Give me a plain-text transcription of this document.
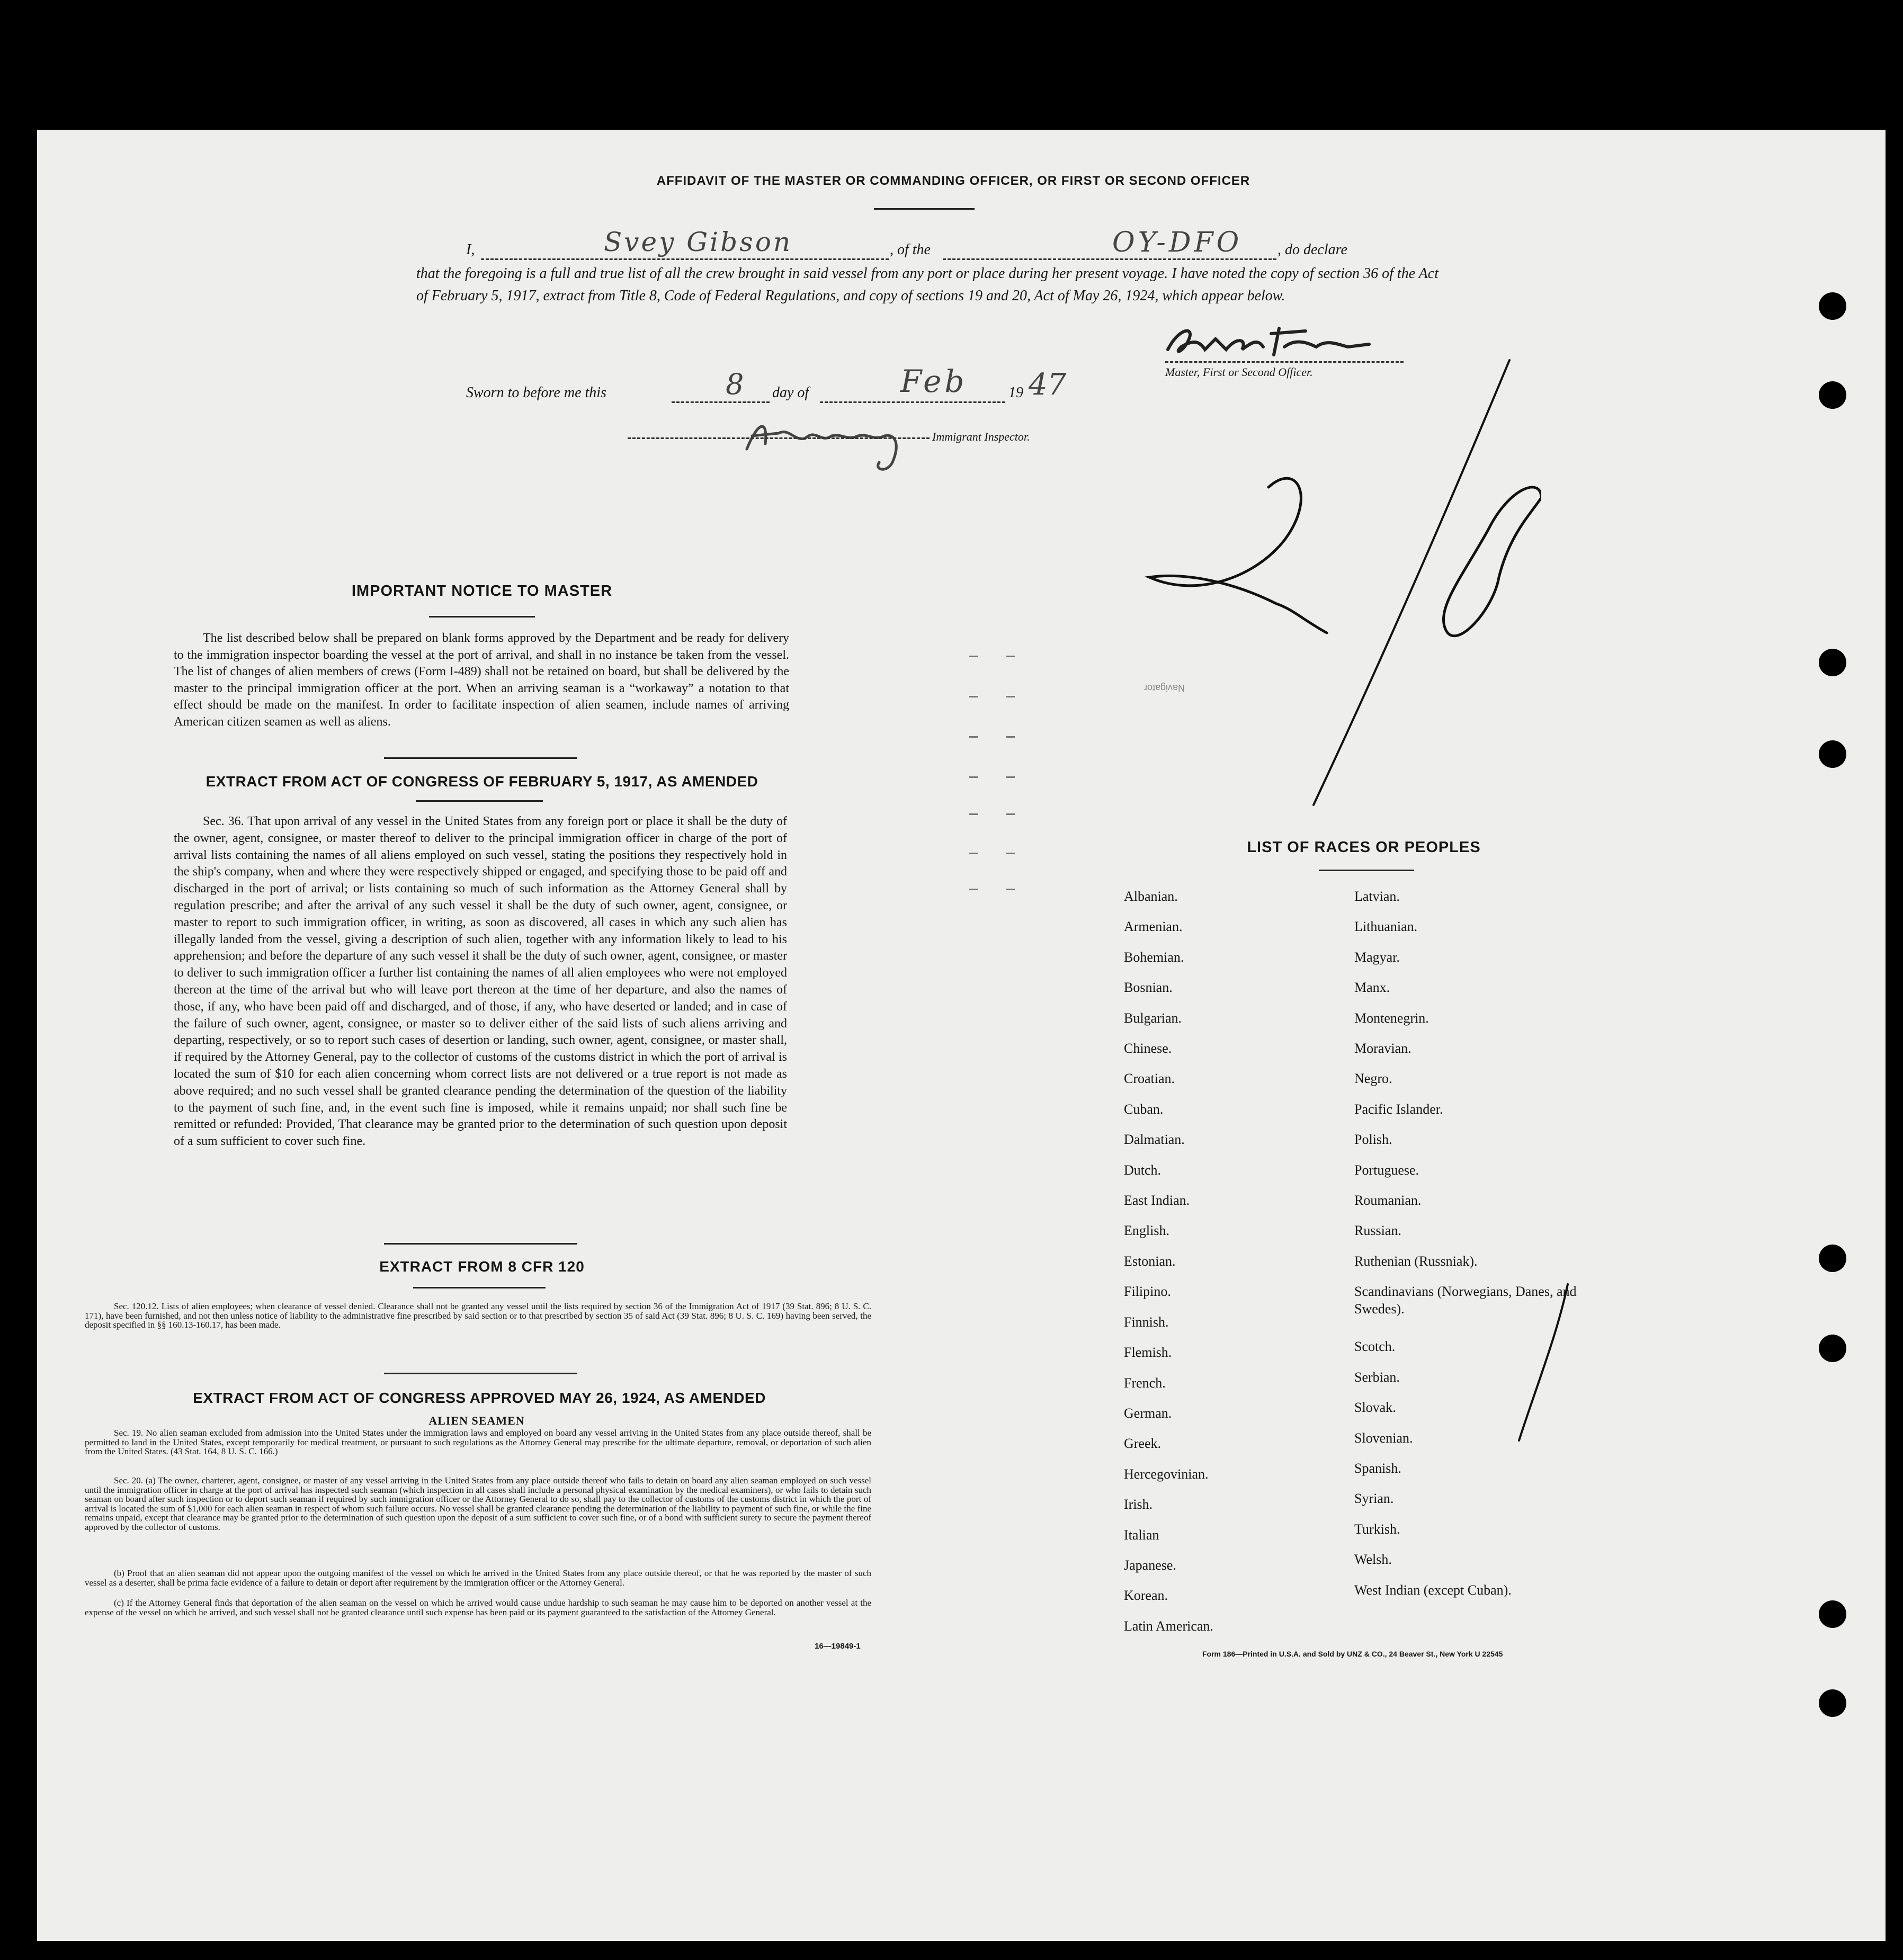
AFFIDAVIT OF THE MASTER OR COMMANDING OFFICER, OR FIRST OR SECOND OFFICER
I,	Svey Gibson	, of the	OY-DFO , do declare
that the foregoing is a full and true list of all the crew brought in said vessel from any port or place during her present voyage. I have noted the copy of section 36 of the Act of February 5, 1917, extract from Title 8, Code of Federal Regulations, and copy of sections 19 and 20, Act of May 26, 1924, which appear below.
Master, First or Second Officer.
Sworn to before me this	8 day of	Feb	19 47
Immigrant Inspector.
2/8
Navigator
IMPORTANT NOTICE TO MASTER
The list described below shall be prepared on blank forms approved by the Department and be ready for delivery to the immigration inspector boarding the vessel at the port of arrival, and shall in no instance be taken from the vessel. The list of changes of alien members of crews (Form I-489) shall not be retained on board, but shall be delivered by the master to the principal immigration officer at the port. When an arriving seaman is a “workaway” a notation to that effect should be made on the manifest. In order to facilitate inspection of alien seamen, include names of arriving American citizen seamen as well as aliens.
EXTRACT FROM ACT OF CONGRESS OF FEBRUARY 5, 1917, AS AMENDED
Sec. 36. That upon arrival of any vessel in the United States from any foreign port or place it shall be the duty of the owner, agent, consignee, or master thereof to deliver to the principal immigration officer in charge of the port of arrival lists containing the names of all aliens employed on such vessel, stating the positions they respectively hold in the ship's company, when and where they were respectively shipped or engaged, and specifying those to be paid off and discharged in the port of arrival; or lists containing so much of such information as the Attorney General shall by regulation prescribe; and after the arrival of any such vessel it shall be the duty of such owner, agent, consignee, or master to report to such immigration officer, in writing, as soon as discovered, all cases in which any such alien has illegally landed from the vessel, giving a description of such alien, together with any information likely to lead to his apprehension; and before the departure of any such vessel it shall be the duty of such owner, agent, consignee, or master to deliver to such immigration officer a further list containing the names of all alien employees who were not employed thereon at the time of the arrival but who will leave port thereon at the time of her departure, and also the names of those, if any, who have been paid off and discharged, and of those, if any, who have deserted or landed; and in case of the failure of such owner, agent, consignee, or master so to deliver either of the said lists of such aliens arriving and departing, respectively, or so to report such cases of desertion or landing, such owner, agent, consignee, or master shall, if required by the Attorney General, pay to the collector of customs of the customs district in which the port of arrival is located the sum of $10 for each alien concerning whom correct lists are not delivered or a true report is not made as above required; and no such vessel shall be granted clearance pending the determination of the question of the liability to the payment of such fine, and, in the event such fine is imposed, while it remains unpaid; nor shall such fine be remitted or refunded: Provided, That clearance may be granted prior to the determination of such question upon deposit of a sum sufficient to cover such fine.
EXTRACT FROM 8 CFR 120
Sec. 120.12. Lists of alien employees; when clearance of vessel denied. Clearance shall not be granted any vessel until the lists required by section 36 of the Immigration Act of 1917 (39 Stat. 896; 8 U. S. C. 171), have been furnished, and not then unless notice of liability to the administrative fine prescribed by said section or to that prescribed by section 35 of said Act (39 Stat. 896; 8 U. S. C. 169) having been served, the deposit specified in §§ 160.13-160.17, has been made.
EXTRACT FROM ACT OF CONGRESS APPROVED MAY 26, 1924, AS AMENDED
ALIEN SEAMEN
Sec. 19. No alien seaman excluded from admission into the United States under the immigration laws and employed on board any vessel arriving in the United States from any place outside thereof, shall be permitted to land in the United States, except temporarily for medical treatment, or pursuant to such regulations as the Attorney General may prescribe for the ultimate departure, removal, or deportation of such alien from the United States. (43 Stat. 164, 8 U. S. C. 166.)
Sec. 20. (a) The owner, charterer, agent, consignee, or master of any vessel arriving in the United States from any place outside thereof who fails to detain on board any alien seaman employed on such vessel until the immigration officer in charge at the port of arrival has inspected such seaman (which inspection in all cases shall include a personal physical examination by the medical examiners), or who fails to detain such seaman on board after such inspection or to deport such seaman if required by such immigration officer or the Attorney General to do so, shall pay to the collector of customs of the customs district in which the port of arrival is located the sum of $1,000 for each alien seaman in respect of whom such failure occurs. No vessel shall be granted clearance pending the determination of the liability to payment of such fine, or while the fine remains unpaid, except that clearance may be granted prior to the determination of such question upon the deposit of a sum sufficient to cover such fine, or of a bond with sufficient surety to secure the payment thereof approved by the collector of customs.
(b) Proof that an alien seaman did not appear upon the outgoing manifest of the vessel on which he arrived in the United States from any place outside thereof, or that he was reported by the master of such vessel as a deserter, shall be prima facie evidence of a failure to detain or deport after requirement by the immigration officer or the Attorney General.
(c) If the Attorney General finds that deportation of the alien seaman on the vessel on which he arrived would cause undue hardship to such seaman he may cause him to be deported on another vessel at the expense of the vessel on which he arrived, and such vessel shall not be granted clearance until such expense has been paid or its payment guaranteed to the satisfaction of the Attorney General.
16—19849-1
LIST OF RACES OR PEOPLES
Albanian.
Armenian.
Bohemian.
Bosnian.
Bulgarian.
Chinese.
Croatian.
Cuban.
Dalmatian.
Dutch.
East Indian.
English.
Estonian.
Filipino.
Finnish.
Flemish.
French.
German.
Greek.
Hercegovinian.
Irish.
Italian
Japanese.
Korean.
Latin American.
Latvian.
Lithuanian.
Magyar.
Manx.
Montenegrin.
Moravian.
Negro.
Pacific Islander.
Polish.
Portuguese.
Roumanian.
Russian.
Ruthenian (Russniak).
Scandinavians (Norwegians, Danes, and Swedes).
Scotch.
Serbian.
Slovak.
Slovenian.
Spanish.
Syrian.
Turkish.
Welsh.
West Indian (except Cuban).
Form 186—Printed in U.S.A. and Sold by UNZ & CO., 24 Beaver St., New York U 22545
